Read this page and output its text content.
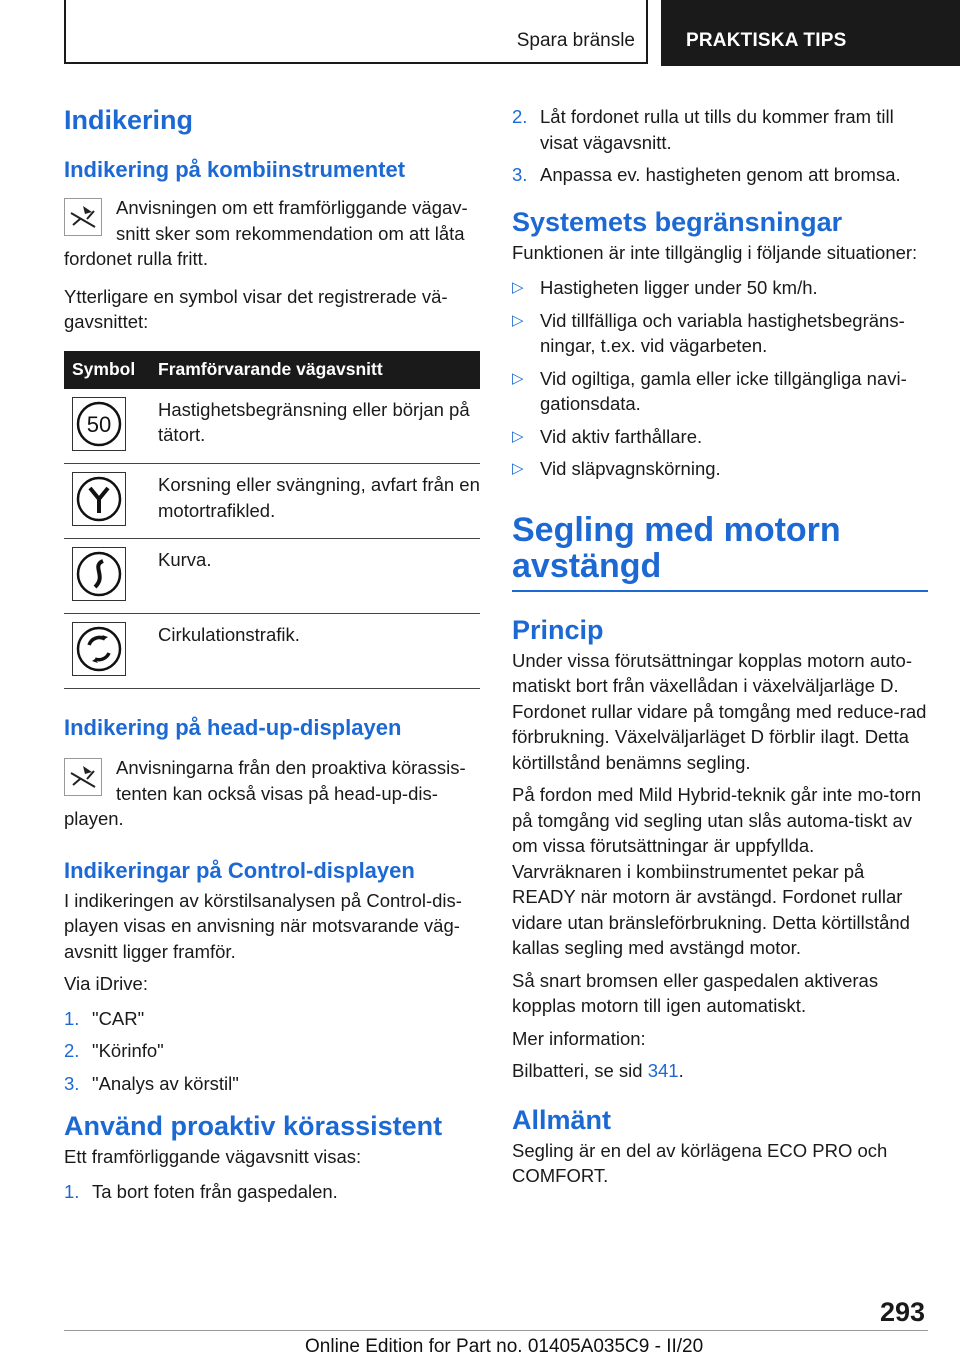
Spara bränsle	PRAKTISKA TIPS
Indikering
Indikering på kombiinstrumentet
Anvisningen om ett framförliggande vägav-
snitt sker som rekommendation om att låta
fordonet rulla fritt.

Ytterligare en symbol visar det registrerade vä-gavsnittet:

Symbol	Framförvarande vägavsnitt

50	Hastighetsbegränsning eller början på tätort.

	Korsning eller svängning, avfart från en motortrafikled.

	Kurva.

	Cirkulationstrafik.
Indikering på head-up-displayen
Anvisningarna från den proaktiva körassis-
tenten kan också visas på head-up-dis-
playen.
Indikeringar på Control-displayen

I indikeringen av körstilsanalysen på Control-dis-playen visas en anvisning när motsvarande väg-avsnitt ligger framför.

Via iDrive:

1. "CAR"
2. "Körinfo"
3. "Analys av körstil"
Använd proaktiv körassistent

Ett framförliggande vägavsnitt visas:

1. Ta bort foten från gaspedalen.
2. Låt fordonet rulla ut tills du kommer fram till visat vägavsnitt.
3. Anpassa ev. hastigheten genom att bromsa.
Systemets begränsningar

Funktionen är inte tillgänglig i följande situationer:

▷ Hastigheten ligger under 50 km/h.
▷ Vid tillfälliga och variabla hastighetsbegräns-ningar, t.ex. vid vägarbeten.
▷ Vid ogiltiga, gamla eller icke tillgängliga navi-gationsdata.
▷ Vid aktiv farthållare.
▷ Vid släpvagnskörning.
Segling med motorn avstängd
Princip

Under vissa förutsättningar kopplas motorn auto-matiskt bort från växellådan i växelväljarläge D. Fordonet rullar vidare på tomgång med reduce-rad förbrukning. Växelväljarläget D förblir ilagt. Detta körtillstånd benämns segling.

På fordon med Mild Hybrid-teknik går inte mo-torn på tomgång vid segling utan slås automa-tiskt av om vissa förutsättningar är uppfyllda. Varvräknaren i kombiinstrumentet pekar på READY när motorn är avstängd. Fordonet rullar vidare utan bränsleförbrukning. Detta körtillstånd kallas segling med avstängd motor.

Så snart bromsen eller gaspedalen aktiveras kopplas motorn till igen automatiskt.

Mer information:

Bilbatteri, se sid 341.

Allmänt

Segling är en del av körlägena ECO PRO och COMFORT.

293
Online Edition for Part no. 01405A035C9 - II/20
